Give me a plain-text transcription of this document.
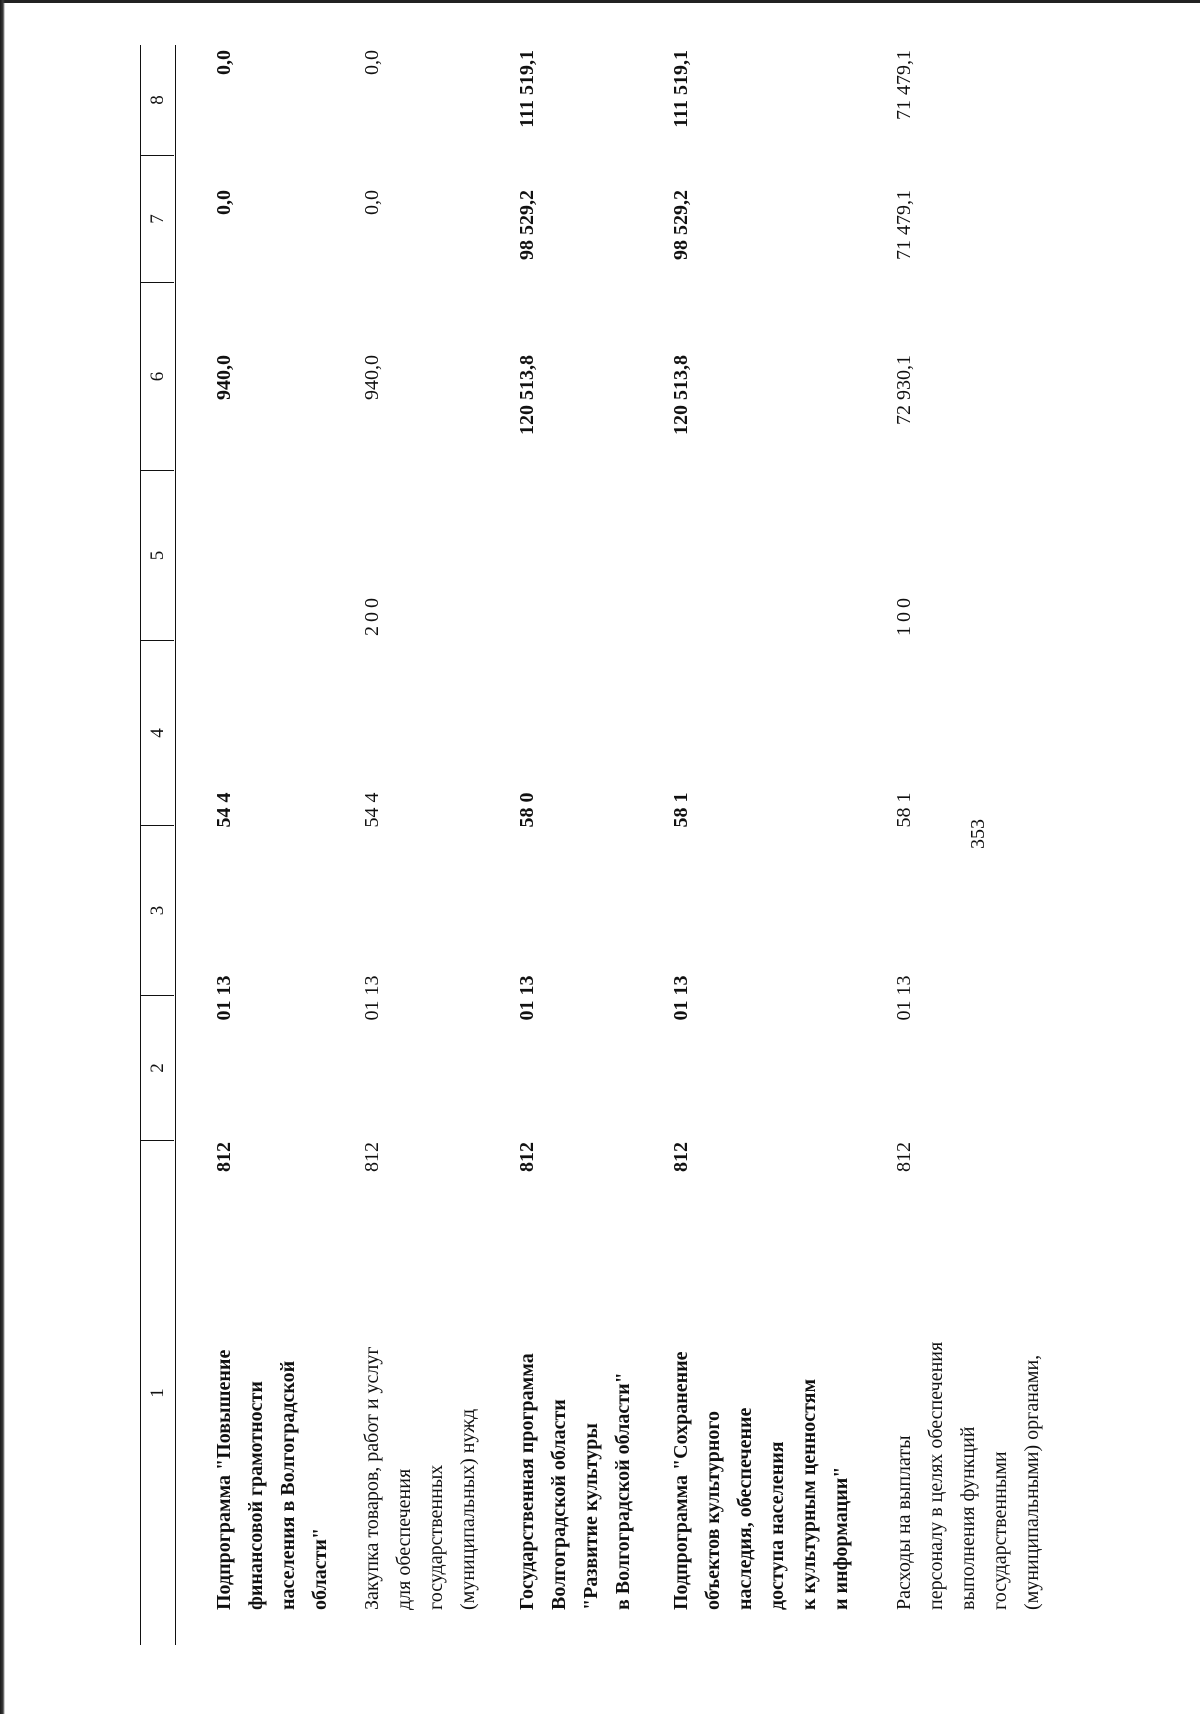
353
1
2
3
4
5
6
7
8
Подпрограмма "Повышение финансовой грамотности населения в Волгоградской области"
812
01 13
54 4
940,0
0,0
0,0
Закупка товаров, работ и услуг для обеспечения государственных (муниципальных) нужд
812
01 13
54 4
200
940,0
0,0
0,0
Государственная программа Волгоградской области "Развитие культуры в Волгоградской области"
812
01 13
58 0
120 513,8
98 529,2
111 519,1
Подпрограмма "Сохранение объектов культурного наследия, обеспечение доступа населения к культурным ценностям и информации"
812
01 13
58 1
120 513,8
98 529,2
111 519,1
Расходы на выплаты персоналу в целях обеспечения выполнения функций государственными (муниципальными) органами,
812
01 13
58 1
100
72 930,1
71 479,1
71 479,1
